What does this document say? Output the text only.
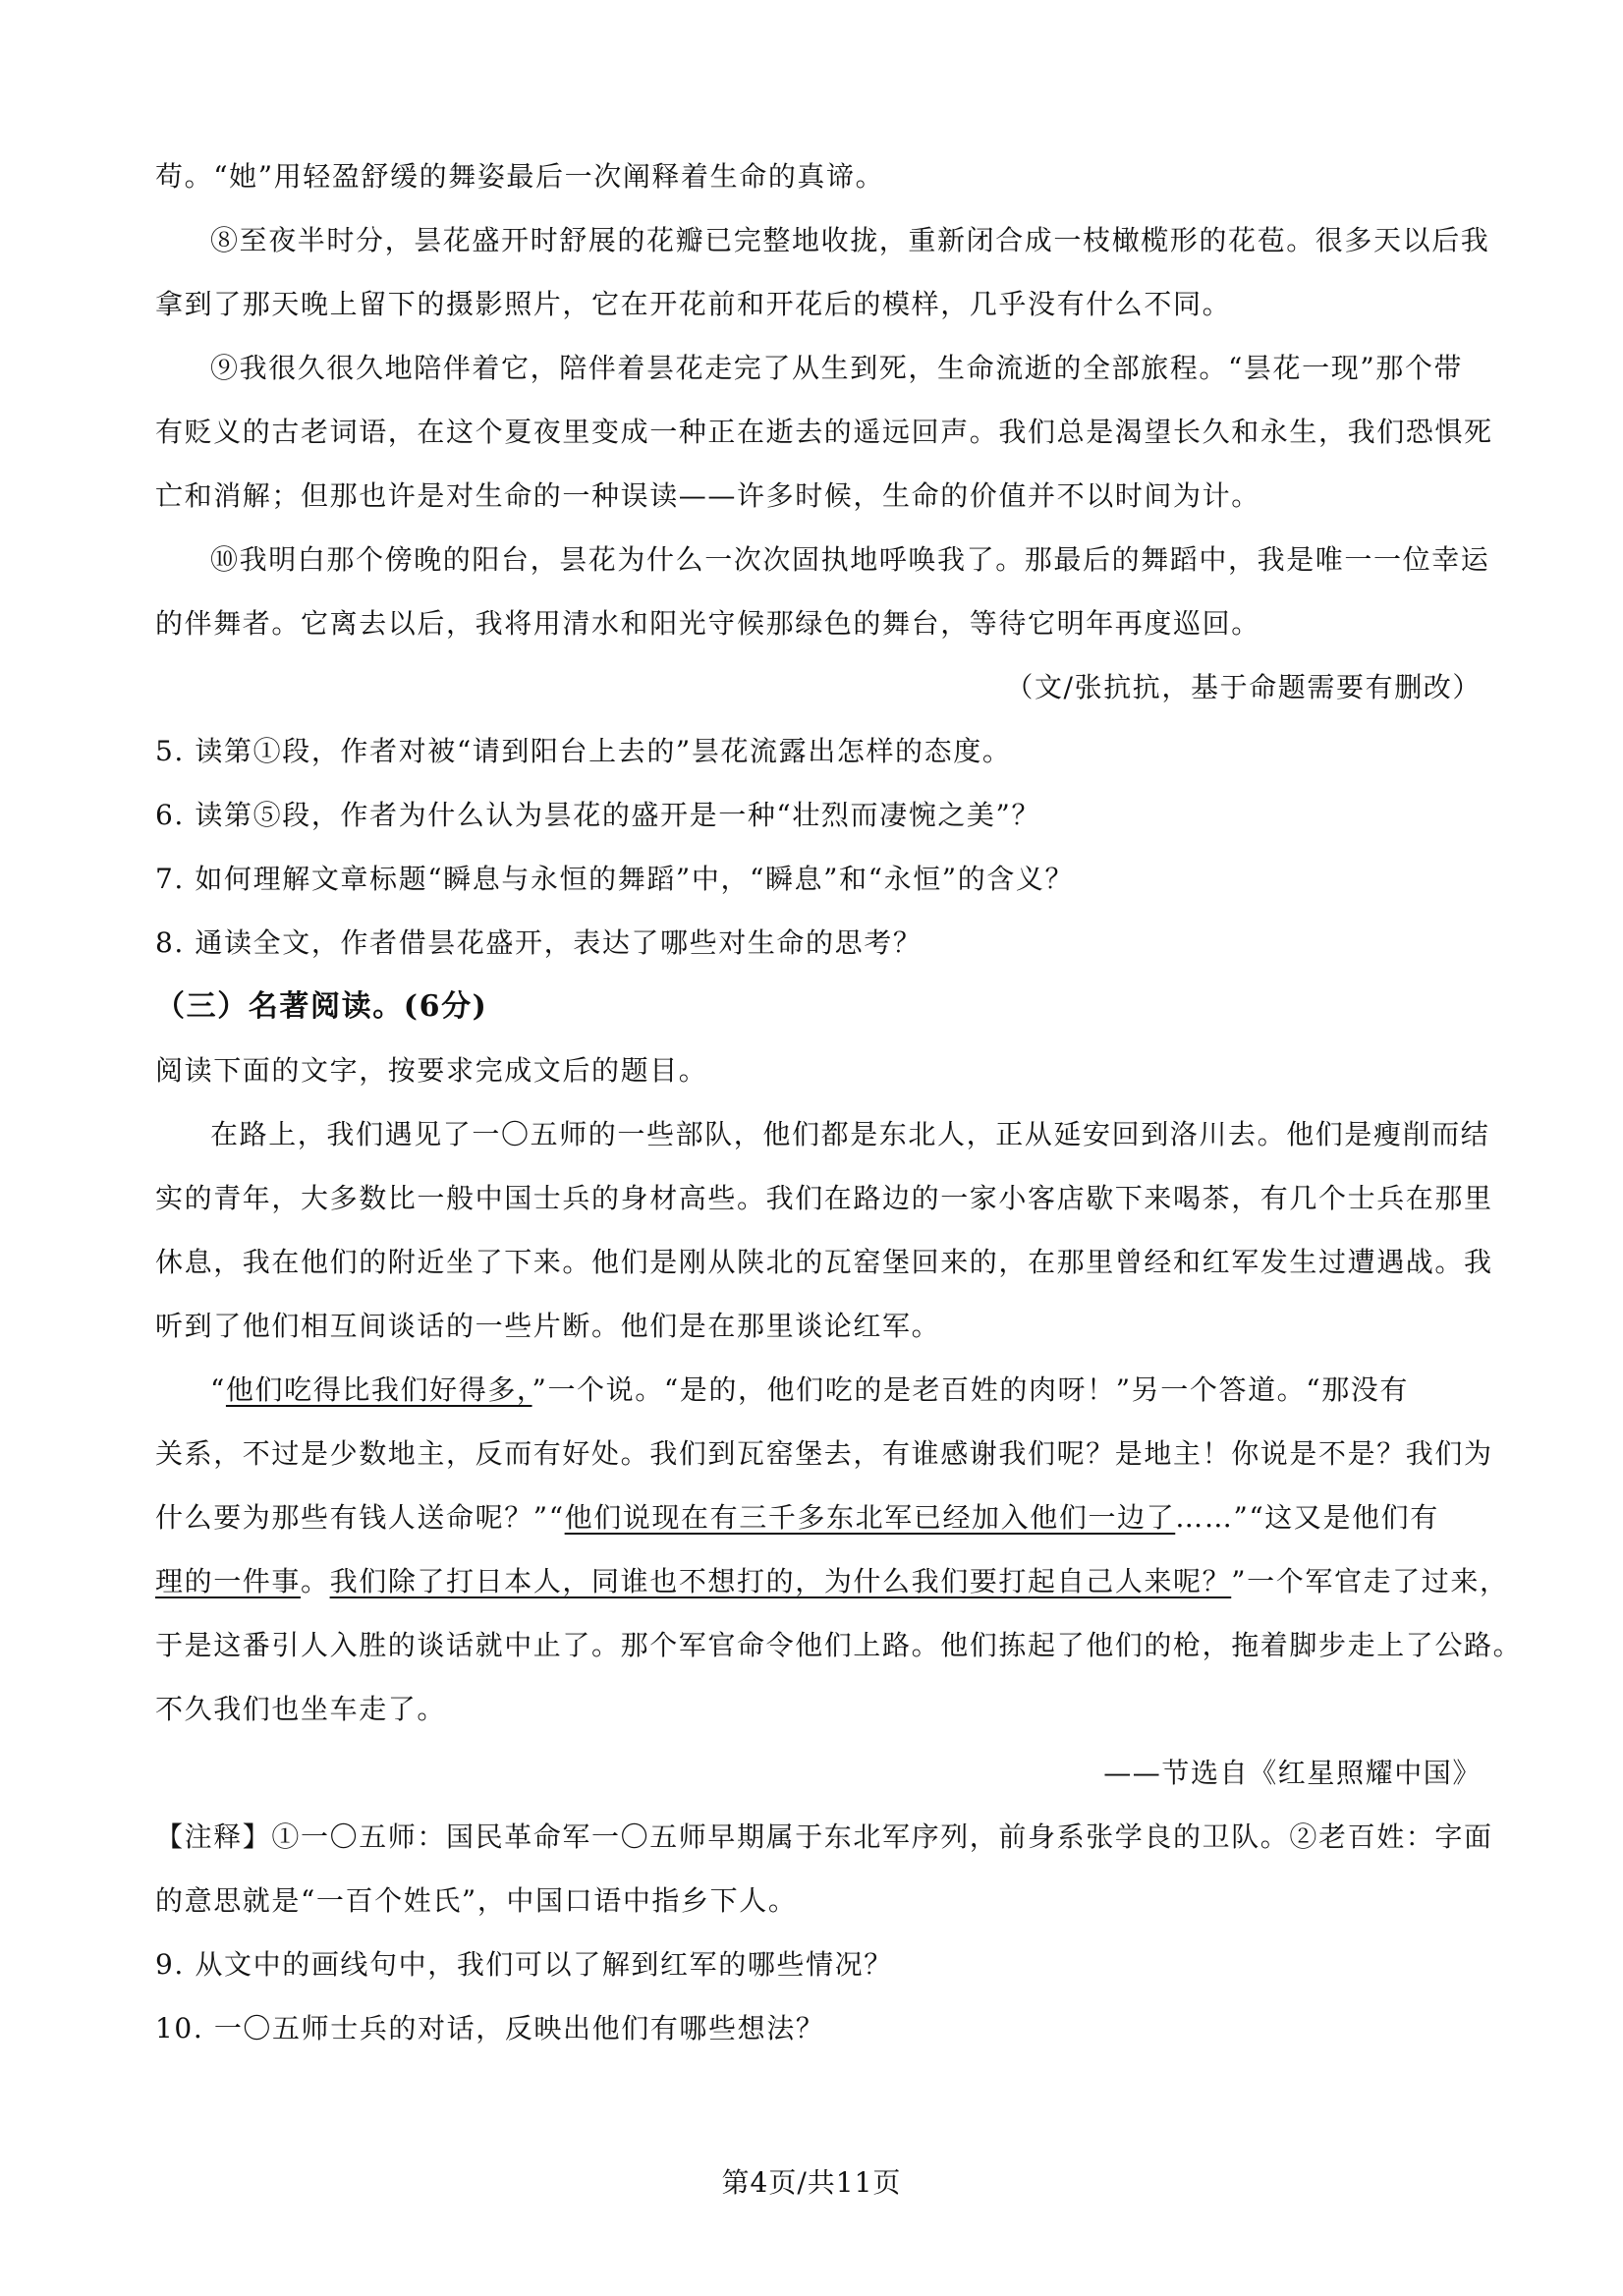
苟。“她”用轻盈舒缓的舞姿最后一次阐释着生命的真谛。
⑧至夜半时分，昙花盛开时舒展的花瓣已完整地收拢，重新闭合成一枝橄榄形的花苞。很多天以后我
拿到了那天晚上留下的摄影照片，它在开花前和开花后的模样，几乎没有什么不同。
⑨我很久很久地陪伴着它，陪伴着昙花走完了从生到死，生命流逝的全部旅程。“昙花一现”那个带
有贬义的古老词语，在这个夏夜里变成一种正在逝去的遥远回声。我们总是渴望长久和永生，我们恐惧死
亡和消解；但那也许是对生命的一种误读——许多时候，生命的价值并不以时间为计。
⑩我明白那个傍晚的阳台，昙花为什么一次次固执地呼唤我了。那最后的舞蹈中，我是唯一一位幸运
的伴舞者。它离去以后，我将用清水和阳光守候那绿色的舞台，等待它明年再度巡回。
（文/张抗抗，基于命题需要有删改）
5. 读第①段，作者对被“请到阳台上去的”昙花流露出怎样的态度。
6. 读第⑤段，作者为什么认为昙花的盛开是一种“壮烈而凄惋之美”？
7. 如何理解文章标题“瞬息与永恒的舞蹈”中，“瞬息”和“永恒”的含义？
8. 通读全文，作者借昙花盛开，表达了哪些对生命的思考？
（三）名著阅读。(6分)
阅读下面的文字，按要求完成文后的题目。
在路上，我们遇见了一〇五师的一些部队，他们都是东北人，正从延安回到洛川去。他们是瘦削而结
实的青年，大多数比一般中国士兵的身材高些。我们在路边的一家小客店歇下来喝茶，有几个士兵在那里
休息，我在他们的附近坐了下来。他们是刚从陕北的瓦窑堡回来的，在那里曾经和红军发生过遭遇战。我
听到了他们相互间谈话的一些片断。他们是在那里谈论红军。
“他们吃得比我们好得多，”一个说。“是的，他们吃的是老百姓的肉呀！”另一个答道。“那没有
关系，不过是少数地主，反而有好处。我们到瓦窑堡去，有谁感谢我们呢？是地主！你说是不是？我们为
什么要为那些有钱人送命呢？”“他们说现在有三千多东北军已经加入他们一边了……”“这又是他们有
理的一件事。我们除了打日本人，同谁也不想打的，为什么我们要打起自己人来呢？”一个军官走了过来，
于是这番引人入胜的谈话就中止了。那个军官命令他们上路。他们拣起了他们的枪，拖着脚步走上了公路。
不久我们也坐车走了。
——节选自《红星照耀中国》
【注释】①一〇五师：国民革命军一〇五师早期属于东北军序列，前身系张学良的卫队。②老百姓：字面
的意思就是“一百个姓氏”，中国口语中指乡下人。
9. 从文中的画线句中，我们可以了解到红军的哪些情况？
10. 一〇五师士兵的对话，反映出他们有哪些想法？
第4页/共11页
